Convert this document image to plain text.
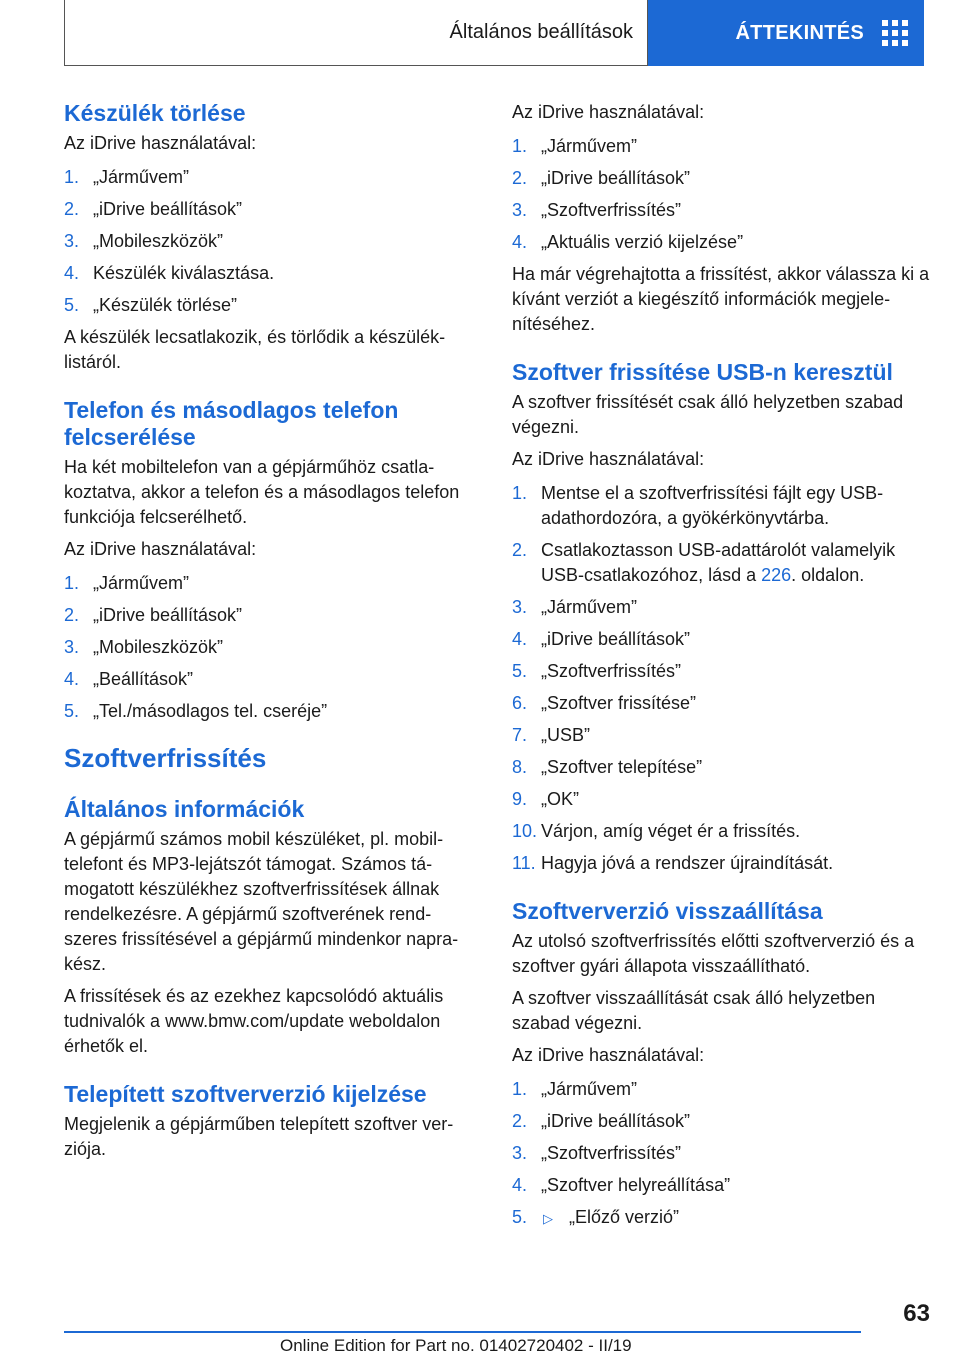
Általános beállítások	ÁTTEKINTÉS
Készülék törlése

Az iDrive használatával:

1. „Járművem”
2. „iDrive beállítások”
3. „Mobileszközök”
4. Készülék kiválasztása.
5. „Készülék törlése”

A készülék lecsatlakozik, és törlődik a készülék-listáról.

Telefon és másodlagos telefon felcserélése

Ha két mobiltelefon van a gépjárműhöz csatla-koztatva, akkor a telefon és a másodlagos telefon funkciója felcserélhető.

Az iDrive használatával:

1. „Járművem”
2. „iDrive beállítások”
3. „Mobileszközök”
4. „Beállítások”
5. „Tel./másodlagos tel. cseréje”
Szoftverfrissítés
Általános információk

A gépjármű számos mobil készüléket, pl. mobil-telefont és MP3-lejátszót támogat. Számos tá-mogatott készülékhez szoftverfrissítések állnak rendelkezésre. A gépjármű szoftverének rend-szeres frissítésével a gépjármű mindenkor napra-kész.

A frissítések és az ezekhez kapcsolódó aktuális tudnivalók a www.bmw.com/update weboldalon érhetők el.

Telepített szoftververzió kijelzése

Megjelenik a gépjárműben telepített szoftver ver-ziója.

Az iDrive használatával:

1. „Járművem”
2. „iDrive beállítások”
3. „Szoftverfrissítés”
4. „Aktuális verzió kijelzése”

Ha már végrehajtotta a frissítést, akkor válassza ki a kívánt verziót a kiegészítő információk megjele-nítéséhez.

Szoftver frissítése USB-n keresztül

A szoftver frissítését csak álló helyzetben szabad végezni.

Az iDrive használatával:

1. Mentse el a szoftverfrissítési fájlt egy USB-adathordozóra, a gyökérkönyvtárba.
2. Csatlakoztasson USB-adattárolót valamelyik USB-csatlakozóhoz, lásd a 226. oldalon.
3. „Járművem”
4. „iDrive beállítások”
5. „Szoftverfrissítés”
6. „Szoftver frissítése”
7. „USB”
8. „Szoftver telepítése”
9. „OK”
10. Várjon, amíg véget ér a frissítés.
11. Hagyja jóvá a rendszer újraindítását.
Szoftververzió visszaállítása

Az utolsó szoftverfrissítés előtti szoftververzió és a szoftver gyári állapota visszaállítható.

A szoftver visszaállítását csak álló helyzetben szabad végezni.

Az iDrive használatával:

1. „Járművem”
2. „iDrive beállítások”
3. „Szoftverfrissítés”
4. „Szoftver helyreállítása”
5.	▷ „Előző verzió”
63
Online Edition for Part no. 01402720402 - II/19
